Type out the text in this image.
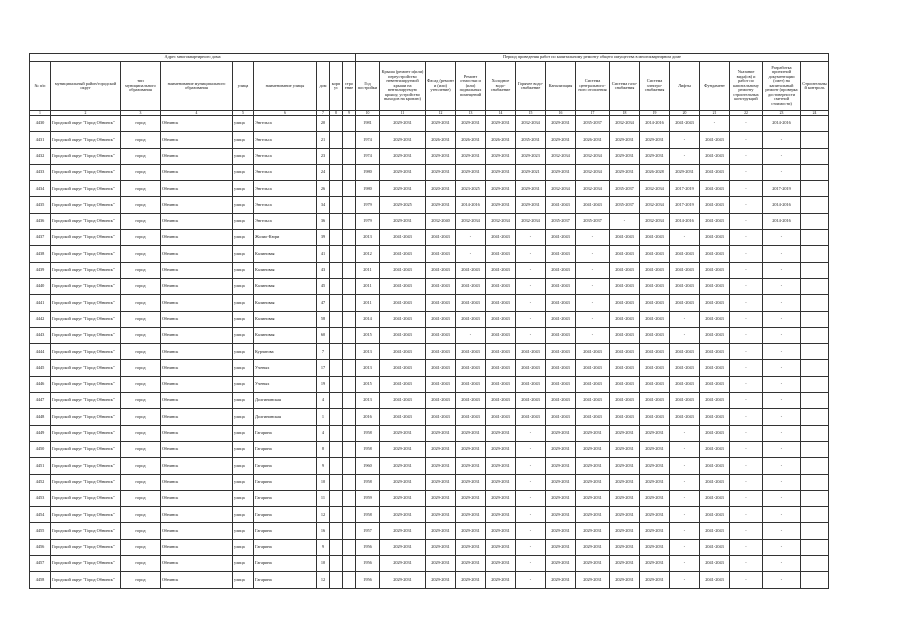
Адрес многоквартирного дома									Период проведения работ по капитальному ремонту общего имущества в многоквартирном доме														
№ п/п	муниципальный район/городской округ	тип муниципального образования	наименование муниципального образования	улица	наименование улицы	дом	корпус	строение	Год постройки	Крыша (ремонт и(или) переустройство невентилируемой крыши на вентилируемую крышу, устройство выходов на кровлю)	Фасад (ремонт и (или) утепление)	Ремонт отмостки и (или) подвальных помещений	Холодное водо-снабжение	Горячее водо-снабжение	Канализация	Система центрального-ного отопления	Система газо-снабжения	Система электро-снабжения	Лифты	Фундамент	Указание вида(ов) и работ по капитальному ремонту строительных конструкций	Разработка проектной документации (смет) на капитальный ремонт (проверка достоверности сметной стоимости)	Строительный контроль
1	2	3	4	5	6	7	8	9	10	11	12	13	14	15	16	17	18	19	20	21	22	23	24
4430	Городской округ "Город Обнинск"	город	Обнинск	улица	Энгельса	20			1981	2029-2031	2029-2031	2029-2031	2029-2031	2032-2034	2029-2031	2035-2037	2032-2034	2014-2016	2041-2043	-	-	2014-2016	
4431	Городской округ "Город Обнинск"	город	Обнинск	улица	Энгельса	21			1974	2029-2031	2026-2031	2026-2031	2026-2031	2035-2031	2029-2031	2026-2031	2029-2031	2029-2031	-	2041-2043	-	-	
4432	Городской округ "Город Обнинск"	город	Обнинск	улица	Энгельса	23			1974	2029-2031	2029-2031	2029-2031	2029-2031	2029-2023	2032-2034	2032-2034	2029-2031	2029-2031	-	2041-2043	-	-	
4433	Городской округ "Город Обнинск"	город	Обнинск	улица	Энгельса	24			1980	2029-2031	2029-2031	2029-2031	2029-2031	2029-2021	2029-2031	2032-2034	2029-2031	2026-2028	2029-2031	2041-2043	-	-	
4434	Городской округ "Город Обнинск"	город	Обнинск	улица	Энгельса	26			1980	2029-2031	2020-2031	2023-2025	2029-2031	2029-2031	2032-2034	2032-2034	2035-2037	2032-2034	2017-2019	2041-2043	-	2017-2019	
4435	Городской округ "Город Обнинск"	город	Обнинск	улица	Энгельса	34			1979	2029-2025	2029-2031	2014-2016	2029-2031	2029-2031	2041-2043	2041-2043	2035-2037	2032-2034	2017-2019	2041-2043	-	2014-2016	
4436	Городской округ "Город Обнинск"	город	Обнинск	улица	Энгельса	36			1979	2029-2031	2032-2040	2032-2034	2032-2034	2032-2034	2035-2037	2035-2037	-	2032-2034	2014-2016	2041-2043	-	2014-2016	
4437	Городской округ "Город Обнинск"	город	Обнинск	улица	Жолио-Кюри	39			2013	2041-2043	2041-2043	-	2041-2043	-	2041-2043	-	2041-2043	2041-2043	-	2041-2043	-	-	
4438	Городской округ "Город Обнинск"	город	Обнинск	улица	Калиновая	41			2012	2041-2043	2041-2043	-	2041-2043	-	2041-2043	-	2041-2043	2041-2043	2041-2043	2041-2043	-	-	
4439	Городской округ "Город Обнинск"	город	Обнинск	улица	Калиновая	43			2011	2041-2043	2041-2043	2041-2043	2041-2043	-	2041-2043	-	2041-2043	2041-2043	2041-2043	2041-2043	-	-	
4440	Городской округ "Город Обнинск"	город	Обнинск	улица	Калиновая	45			2011	2041-2043	2041-2043	2041-2043	2041-2043	-	2041-2043	-	2041-2043	2041-2043	2041-2043	2041-2043	-	-	
4441	Городской округ "Город Обнинск"	город	Обнинск	улица	Калиновая	47			2011	2041-2043	2041-2043	2041-2043	2041-2043	-	2041-2043	-	2041-2043	2041-2043	2041-2043	2041-2043	-	-	
4442	Городской округ "Город Обнинск"	город	Обнинск	улица	Калиновая	58			2014	2041-2043	2041-2043	2041-2043	2041-2043	-	2041-2043	-	2041-2043	2041-2043	-	2041-2043	-	-	
4443	Городской округ "Город Обнинск"	город	Обнинск	улица	Калиновая	60			2015	2041-2043	2041-2043	-	2041-2043	-	2041-2043	-	2041-2043	2041-2043	-	2041-2043	-	-	
4444	Городской округ "Город Обнинск"	город	Обнинск	улица	Курчатова	7			2013	2041-2043	2041-2043	2041-2043	2041-2043	2041-2043	2041-2043	2041-2043	2041-2043	2041-2043	2041-2043	2041-2043	-	-	
4445	Городской округ "Город Обнинск"	город	Обнинск	улица	Ученых	17			2013	2041-2043	2041-2043	2041-2043	2041-2043	2041-2043	2041-2043	2041-2043	2041-2043	2041-2043	2041-2043	2041-2043	-	-	
4446	Городской округ "Город Обнинск"	город	Обнинск	улица	Ученых	19			2015	2041-2043	2041-2043	2041-2043	2041-2043	2041-2043	2041-2043	2041-2043	2041-2043	2041-2043	2041-2043	2041-2043	-	-	
4447	Городской округ "Город Обнинск"	город	Обнинск	улица	Долгининская	4			2013	2041-2043	2041-2043	2041-2043	2041-2043	2041-2043	2041-2043	2041-2043	2041-2043	2041-2043	2041-2043	2041-2043	-	-	
4448	Городской округ "Город Обнинск"	город	Обнинск	улица	Долгининская	1			2016	2041-2043	2041-2043	2041-2043	2041-2043	2041-2043	2041-2043	2041-2043	2041-2043	2041-2043	2041-2043	2041-2043	-	-	
4449	Городской округ "Город Обнинск"	город	Обнинск	улица	Гагарина	4			1958	2029-2031	2029-2031	2029-2031	2029-2031	-	2029-2031	2029-2031	2029-2031	2029-2031	-	2041-2043	-	-	
4450	Городской округ "Город Обнинск"	город	Обнинск	улица	Гагарина	8			1958	2029-2031	2029-2031	2029-2031	2029-2031	-	2029-2031	2029-2031	2029-2031	2029-2031	-	2041-2043	-	-	
4451	Городской округ "Город Обнинск"	город	Обнинск	улица	Гагарина	9			1960	2029-2031	2029-2031	2029-2031	2029-2031	-	2029-2031	2029-2031	2029-2031	2029-2031	-	2041-2043	-	-	
4452	Городской округ "Город Обнинск"	город	Обнинск	улица	Гагарина	10			1958	2029-2031	2029-2031	2029-2031	2029-2031	-	2029-2031	2029-2031	2029-2031	2029-2031	-	2041-2043	-	-	
4453	Городской округ "Город Обнинск"	город	Обнинск	улица	Гагарина	11			1959	2029-2031	2029-2031	2029-2031	2029-2031	-	2029-2031	2029-2031	2029-2031	2029-2031	-	2041-2043	-	-	
4454	Городской округ "Город Обнинск"	город	Обнинск	улица	Гагарина	12			1958	2029-2031	2029-2031	2029-2031	2029-2031	-	2029-2031	2029-2031	2029-2031	2029-2031	-	2041-2043	-	-	
4455	Городской округ "Город Обнинск"	город	Обнинск	улица	Гагарина	16			1957	2029-2031	2029-2031	2029-2031	2029-2031	-	2029-2031	2029-2031	2029-2031	2029-2031	-	2041-2043	-	-	
4456	Городской округ "Город Обнинск"	город	Обнинск	улица	Гагарина	9			1956	2029-2031	2029-2031	2029-2031	2029-2031	-	2029-2031	2029-2031	2029-2031	2029-2031	-	2041-2043	-	-	
4457	Городской округ "Город Обнинск"	город	Обнинск	улица	Гагарина	10			1956	2029-2031	2029-2031	2029-2031	2029-2031	-	2029-2031	2029-2031	2029-2031	2029-2031	-	2041-2043	-	-	
4458	Городской округ "Город Обнинск"	город	Обнинск	улица	Гагарина	12			1956	2029-2031	2029-2031	2029-2031	2029-2031	-	2029-2031	2029-2031	2029-2031	2029-2031	-	2041-2043	-	-	
